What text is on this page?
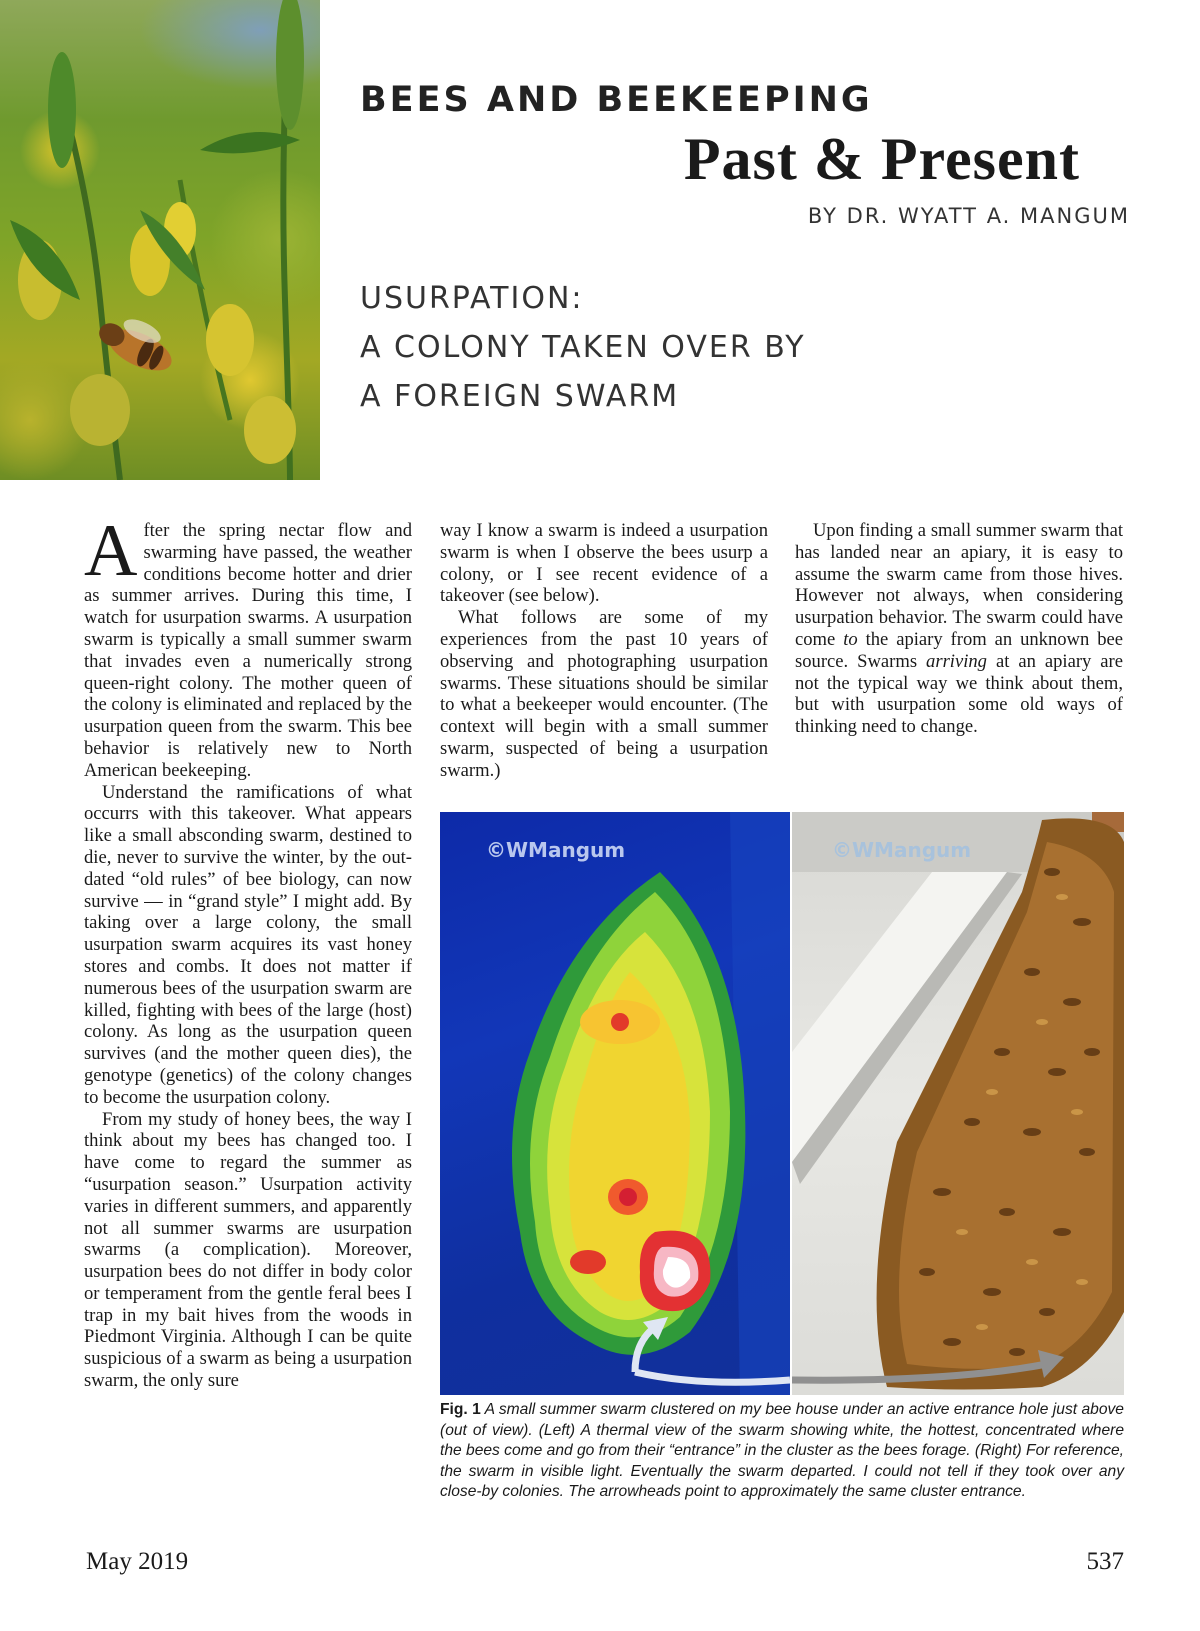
BEES AND BEEKEEPING
Past & Present

BY DR. WYATT A. MANGUM

USURPATION:
A COLONY TAKEN OVER BY
A FOREIGN SWARM

After the spring nectar flow and swarming have passed, the weather conditions become hotter and drier as summer arrives. During this time, I watch for usurpation swarms. A usurpation swarm is typically a small summer swarm that invades even a numerically strong queen-right colony. The mother queen of the colony is eliminated and replaced by the usurpation queen from the swarm. This bee behavior is relatively new to North American beekeeping.

Understand the ramifications of what occurrs with this takeover. What appears like a small absconding swarm, destined to die, never to survive the winter, by the out-dated “old rules” of bee biology, can now survive — in “grand style” I might add. By taking over a large colony, the small usurpation swarm acquires its vast honey stores and combs. It does not matter if numerous bees of the usurpation swarm are killed, fighting with bees of the large (host) colony. As long as the usurpation queen survives (and the mother queen dies), the genotype (genetics) of the colony changes to become the usurpation colony.

From my study of honey bees, the way I think about my bees has changed too. I have come to regard the summer as “usurpation season.” Usurpation activity varies in different summers, and apparently not all summer swarms are usurpation swarms (a complication). Moreover, usurpation bees do not differ in body color or temperament from the gentle feral bees I trap in my bait hives from the woods in Piedmont Virginia. Although I can be quite suspicious of a swarm as being a usurpation swarm, the only sure

way I know a swarm is indeed a usurpation swarm is when I observe the bees usurp a colony, or I see recent evidence of a takeover (see below).

What follows are some of my experiences from the past 10 years of observing and photographing usurpation swarms. These situations should be similar to what a beekeeper would encounter. (The context will begin with a small summer swarm, suspected of being a usurpation swarm.)

Upon finding a small summer swarm that has landed near an apiary, it is easy to assume the swarm came from those hives. However not always, when considering usurpation behavior. The swarm could have come to the apiary from an unknown bee source. Swarms arriving at an apiary are not the typical way we think about them, but with usurpation some old ways of thinking need to change.

©WMangum	©WMangum
Fig. 1 A small summer swarm clustered on my bee house under an active entrance hole just above (out of view). (Left) A thermal view of the swarm showing white, the hottest, concentrated where the bees come and go from their “entrance” in the cluster as the bees forage. (Right) For reference, the swarm in visible light. Eventually the swarm departed. I could not tell if they took over any close-by colonies. The arrowheads point to approximately the same cluster entrance.
May 2019	537
